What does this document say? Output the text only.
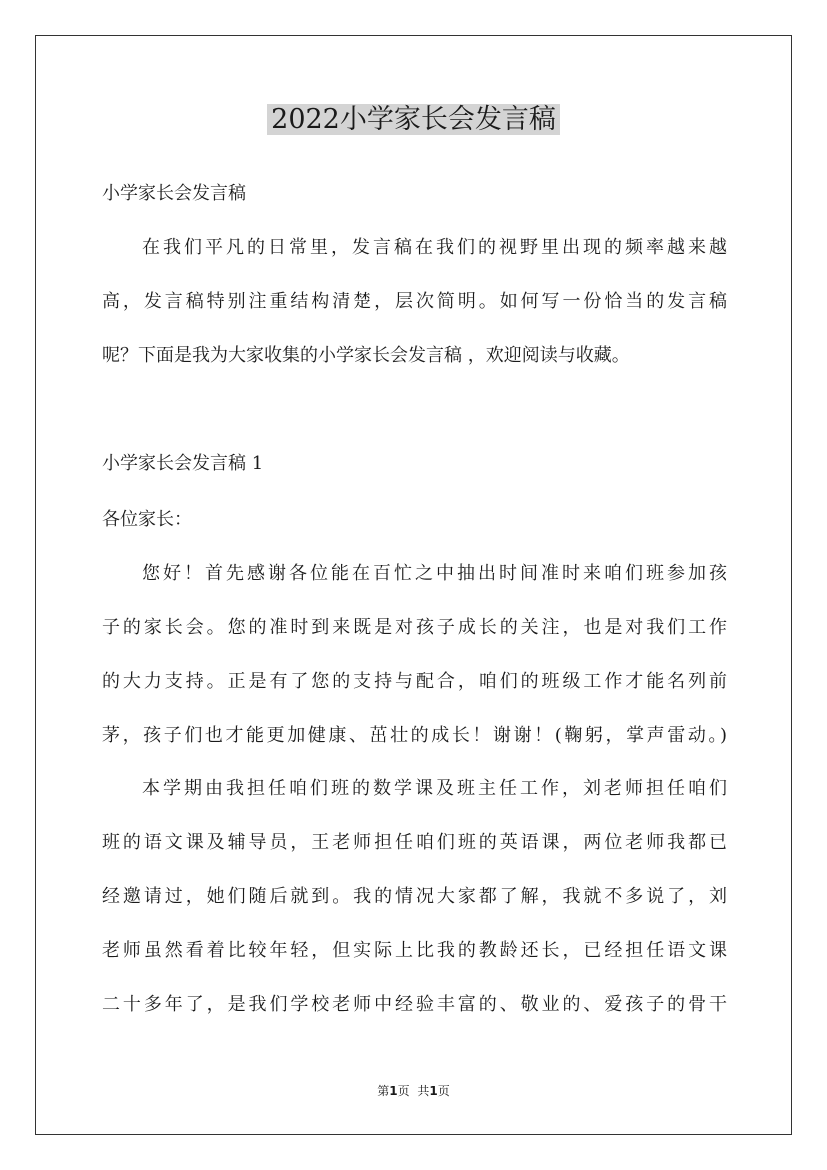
2022小学家长会发言稿
小学家长会发言稿
在我们平凡的日常里，发言稿在我们的视野里出现的频率越来越
高，发言稿特别注重结构清楚，层次简明。如何写一份恰当的发言稿
呢？下面是我为大家收集的小学家长会发言稿 ，欢迎阅读与收藏。
小学家长会发言稿 1
各位家长：
您好！首先感谢各位能在百忙之中抽出时间准时来咱们班参加孩
子的家长会。您的准时到来既是对孩子成长的关注，也是对我们工作
的大力支持。正是有了您的支持与配合，咱们的班级工作才能名列前
茅，孩子们也才能更加健康、茁壮的成长！谢谢！(鞠躬，掌声雷动。)
本学期由我担任咱们班的数学课及班主任工作，刘老师担任咱们
班的语文课及辅导员，王老师担任咱们班的英语课，两位老师我都已
经邀请过，她们随后就到。我的情况大家都了解，我就不多说了，刘
老师虽然看着比较年轻，但实际上比我的教龄还长，已经担任语文课
二十多年了，是我们学校老师中经验丰富的、敬业的、爱孩子的骨干
第1页 共1页
